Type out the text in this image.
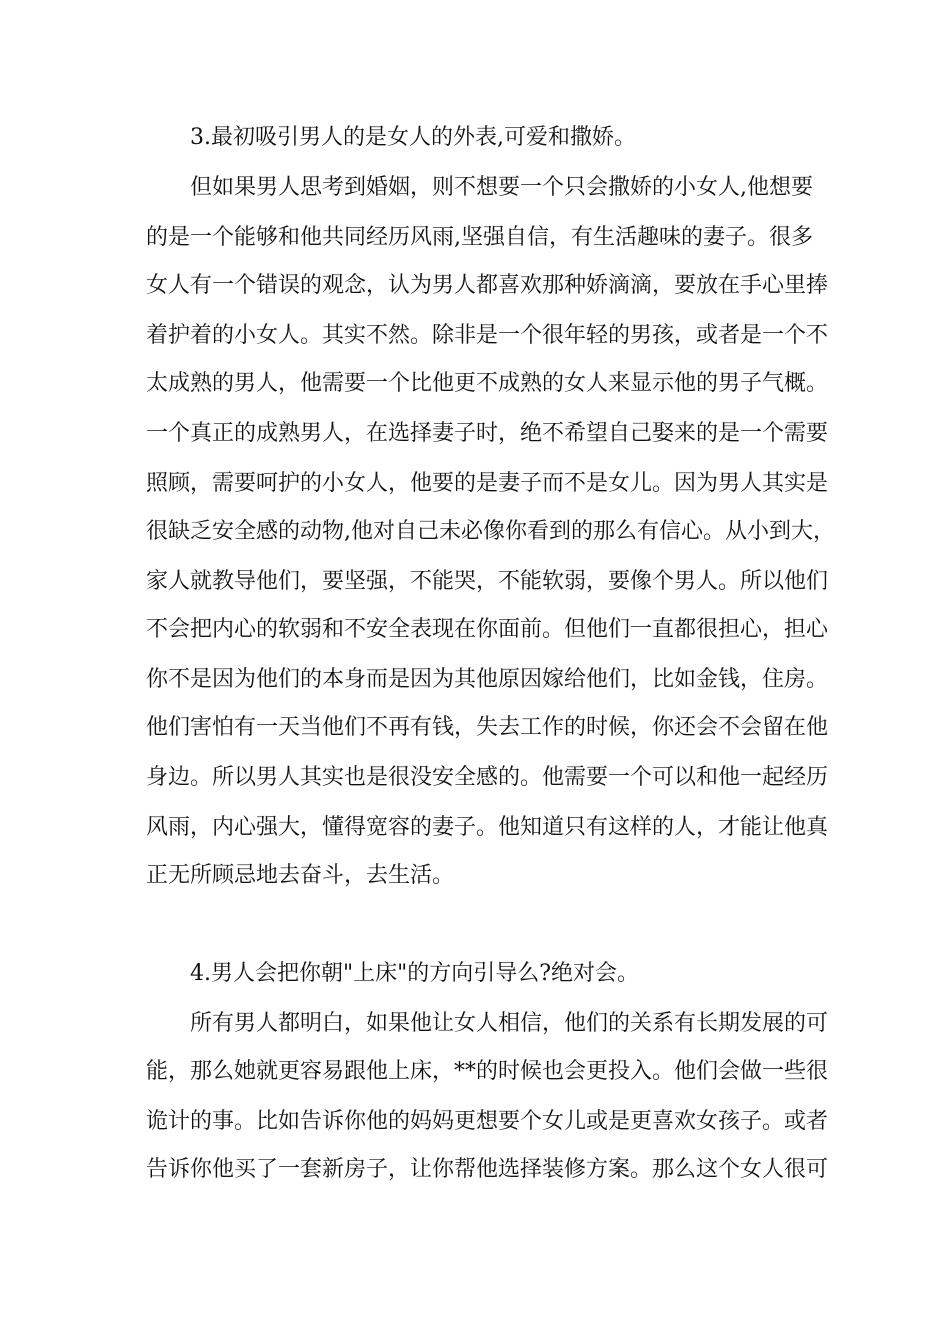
3.最初吸引男人的是女人的外表,可爱和撒娇。
但如果男人思考到婚姻，则不想要一个只会撒娇的小女人,他想要
的是一个能够和他共同经历风雨,坚强自信，有生活趣味的妻子。很多
女人有一个错误的观念，认为男人都喜欢那种娇滴滴，要放在手心里捧
着护着的小女人。其实不然。除非是一个很年轻的男孩，或者是一个不
太成熟的男人，他需要一个比他更不成熟的女人来显示他的男子气概。
一个真正的成熟男人，在选择妻子时，绝不希望自己娶来的是一个需要
照顾，需要呵护的小女人，他要的是妻子而不是女儿。因为男人其实是
很缺乏安全感的动物,他对自己未必像你看到的那么有信心。从小到大，
家人就教导他们，要坚强，不能哭，不能软弱，要像个男人。所以他们
不会把内心的软弱和不安全表现在你面前。但他们一直都很担心，担心
你不是因为他们的本身而是因为其他原因嫁给他们，比如金钱，住房。
他们害怕有一天当他们不再有钱，失去工作的时候，你还会不会留在他
身边。所以男人其实也是很没安全感的。他需要一个可以和他一起经历
风雨，内心强大，懂得宽容的妻子。他知道只有这样的人，才能让他真
正无所顾忌地去奋斗，去生活。
4.男人会把你朝"上床"的方向引导么?绝对会。
所有男人都明白，如果他让女人相信，他们的关系有长期发展的可
能，那么她就更容易跟他上床，**的时候也会更投入。他们会做一些很
诡计的事。比如告诉你他的妈妈更想要个女儿或是更喜欢女孩子。或者
告诉你他买了一套新房子，让你帮他选择装修方案。那么这个女人很可
